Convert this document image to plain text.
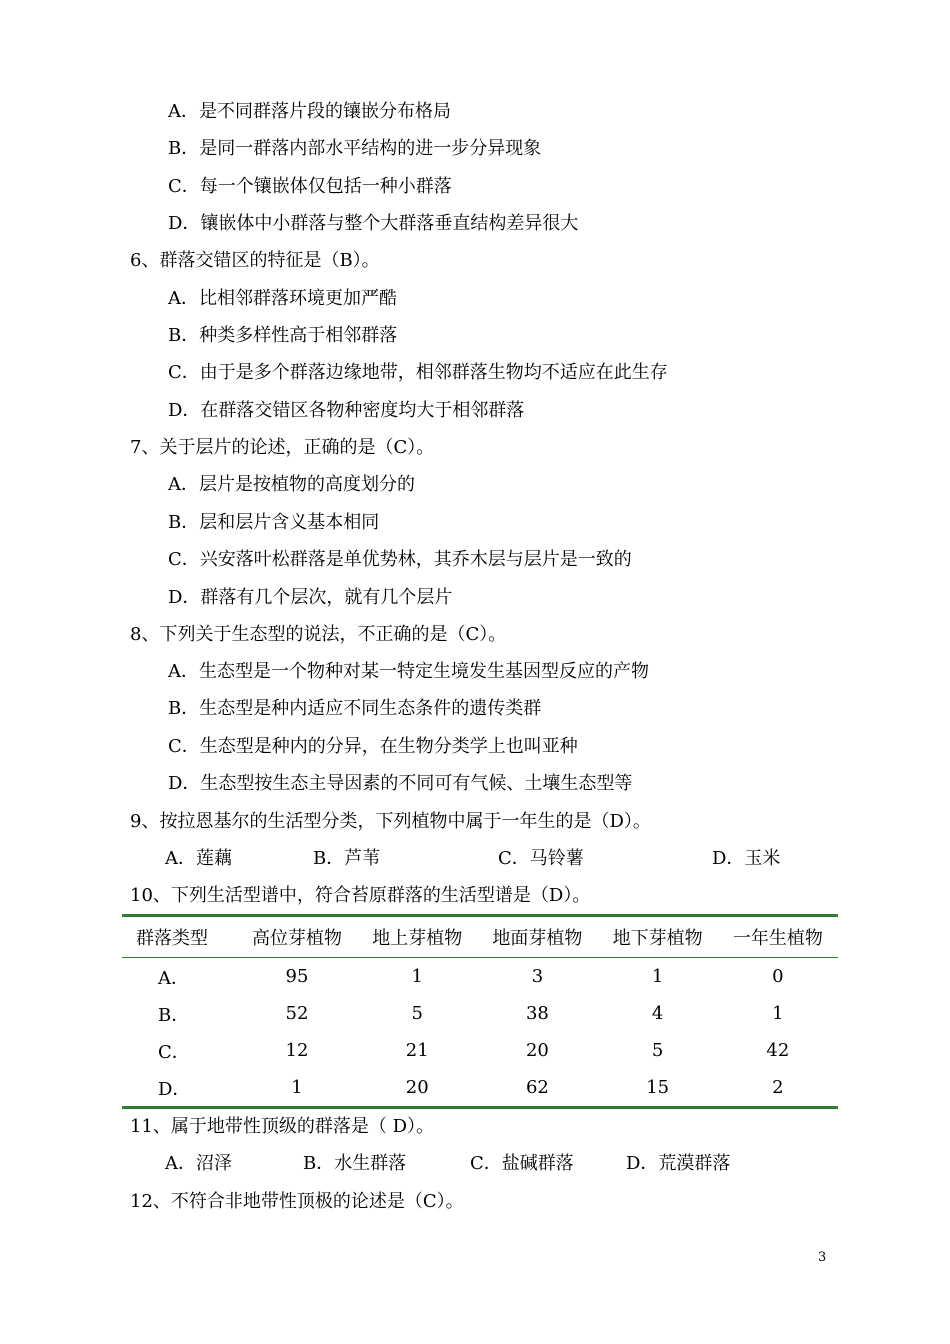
A．是不同群落片段的镶嵌分布格局
B．是同一群落内部水平结构的进一步分异现象
C．每一个镶嵌体仅包括一种小群落
D．镶嵌体中小群落与整个大群落垂直结构差异很大
6、群落交错区的特征是（B）。
A．比相邻群落环境更加严酷
B．种类多样性高于相邻群落
C．由于是多个群落边缘地带，相邻群落生物均不适应在此生存
D．在群落交错区各物种密度均大于相邻群落
7、关于层片的论述，正确的是（C）。
A．层片是按植物的高度划分的
B．层和层片含义基本相同
C．兴安落叶松群落是单优势林，其乔木层与层片是一致的
D．群落有几个层次，就有几个层片
8、下列关于生态型的说法，不正确的是（C）。
A．生态型是一个物种对某一特定生境发生基因型反应的产物
B．生态型是种内适应不同生态条件的遗传类群
C．生态型是种内的分异，在生物分类学上也叫亚种
D．生态型按生态主导因素的不同可有气候、土壤生态型等
9、按拉恩基尔的生活型分类，下列植物中属于一年生的是（D）。
A．莲藕	B．芦苇	C．马铃薯	D．玉米
10、下列生活型谱中，符合苔原群落的生活型谱是（D）。
群落类型	高位芽植物	地上芽植物	地面芽植物	地下芽植物	一年生植物
A．	95	1	3	1	0
B．	52	5	38	4	1
C．	12	21	20	5	42
D．	1	20	62	15	2
11、属于地带性顶级的群落是（ D）。
A．沼泽	B．水生群落	C．盐碱群落	D．荒漠群落
12、不符合非地带性顶极的论述是（C）。
3
